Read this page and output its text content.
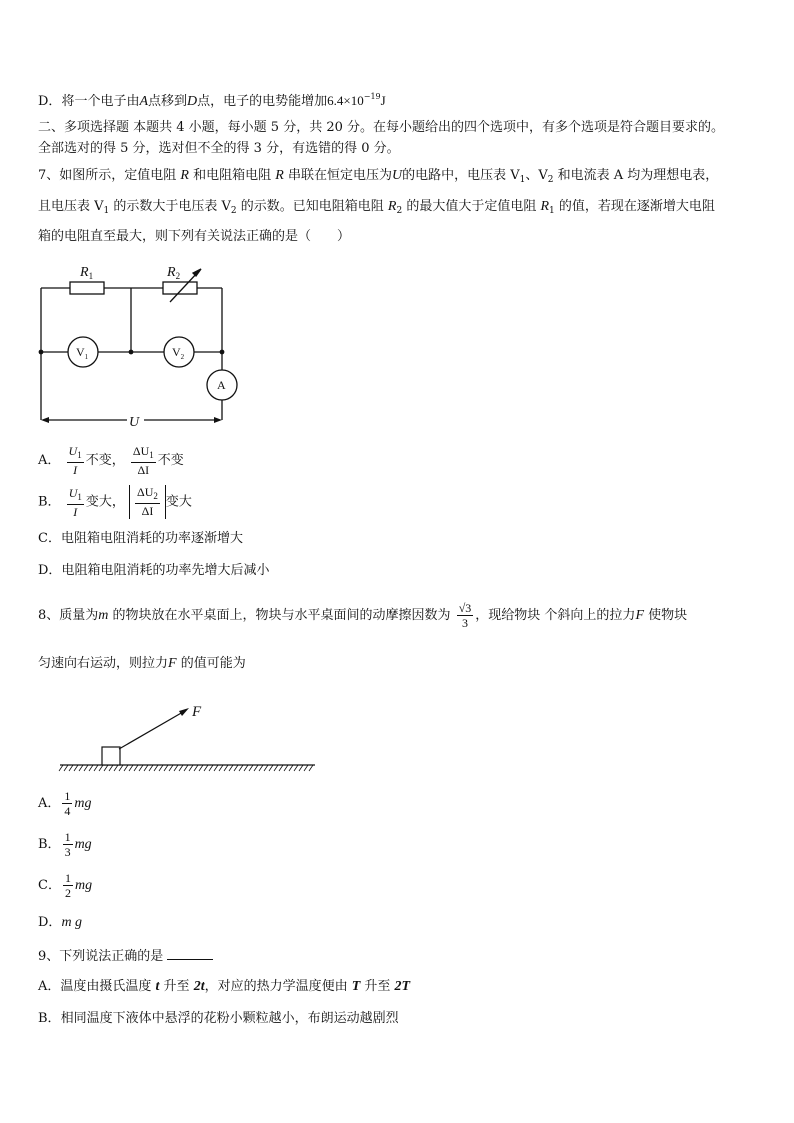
D．将一个电子由A点移到D点，电子的电势能增加$6.4\times 10^{-19}J$
二、多项选择题 本题共 4 小题，每小题 5 分，共 20 分。在每小题给出的四个选项中，有多个选项是符合题目要求的。
全部选对的得 5 分，选对但不全的得 3 分，有选错的得 0 分。
7、如图所示，定值电阻 R 和电阻箱电阻 R 串联在恒定电压为U的电路中，电压表 $V_1$、$V_2$ 和电流表 A 均为理想电表，
且电压表 $V_1$ 的示数大于电压表 $V_2$ 的示数。已知电阻箱电阻 $R_2$ 的最大值大于定值电阻 $R_1$ 的值，若现在逐渐增大电阻
箱的电阻直至最大，则下列有关说法正确的是（　　）
$R_1$	$R_2$
U
$V_1$	$V_2$
A
A． $\frac{U_1}{I}$ 不变， $\frac{\Delta U_1}{\Delta I}$ 不变
B． $\frac{U_1}{I}$ 变大， $\frac{\Delta U_2}{\Delta I}$ 变大
C．电阻箱电阻消耗的功率逐渐增大
D．电阻箱电阻消耗的功率先增大后减小
8、质量为m 的物块放在水平桌面上，物块与水平桌面间的动摩擦因数为 $\frac{√3}{3}$ ，现给物块 个斜向上的拉力F 使物块
匀速向右运动，则拉力F 的值可能为
F
A． $\frac{1}{4}$ mg
B． $\frac{1}{3}$ mg
C． $\frac{1}{2}$ mg
D．m g
9、下列说法正确的是
A．温度由摄氏温度 t 升至 2t，对应的热力学温度便由 T 升至 2T
B．相同温度下液体中悬浮的花粉小颗粒越小，布朗运动越剧烈
